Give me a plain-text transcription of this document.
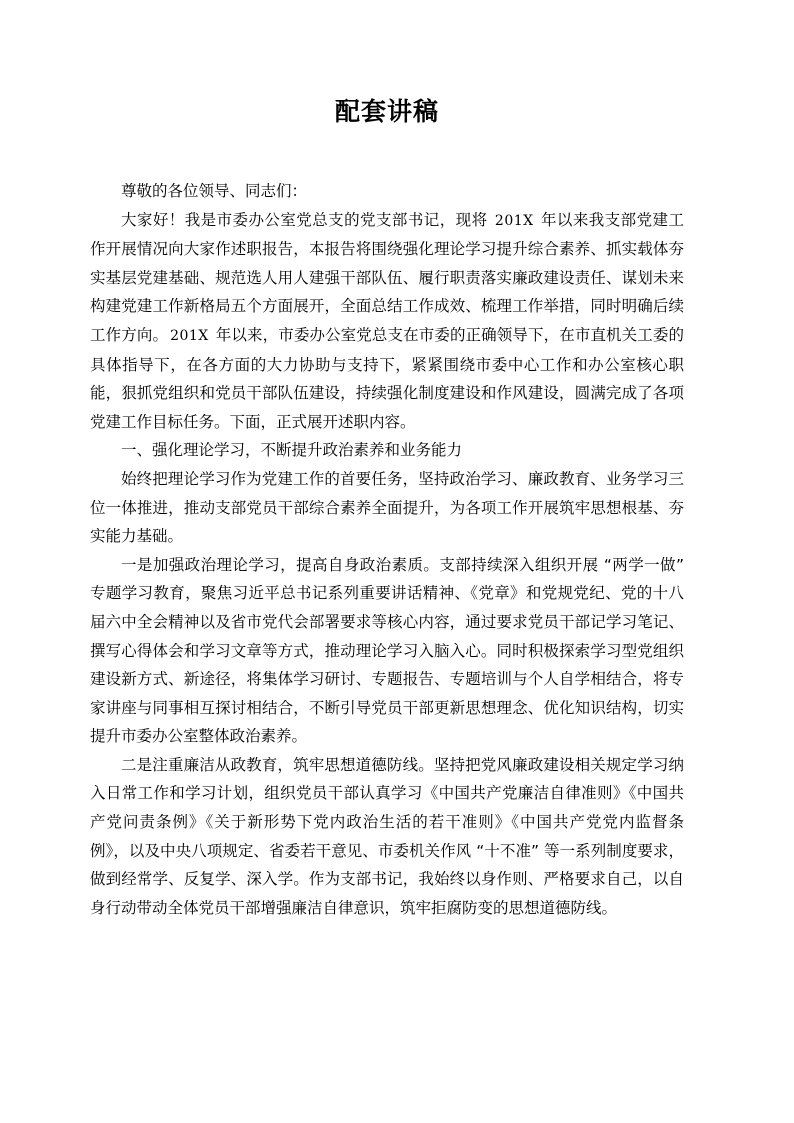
配套讲稿

尊敬的各位领导、同志们：

大家好！我是市委办公室党总支的党支部书记，现将 201X 年以来我支部党建工作开展情况向大家作述职报告，本报告将围绕强化理论学习提升综合素养、抓实载体夯实基层党建基础、规范选人用人建强干部队伍、履行职责落实廉政建设责任、谋划未来构建党建工作新格局五个方面展开，全面总结工作成效、梳理工作举措，同时明确后续工作方向。 201X 年以来，市委办公室党总支在市委的正确领导下，在市直机关工委的具体指导下，在各方面的大力协助与支持下，紧紧围绕市委中心工作和办公室核心职能，狠抓党组织和党员干部队伍建设，持续强化制度建设和作风建设，圆满完成了各项党建工作目标任务。下面，正式展开述职内容。

一、强化理论学习，不断提升政治素养和业务能力

始终把理论学习作为党建工作的首要任务，坚持政治学习、廉政教育、业务学习三位一体推进，推动支部党员干部综合素养全面提升，为各项工作开展筑牢思想根基、夯实能力基础。

一是加强政治理论学习，提高自身政治素质。支部持续深入组织开展 “两学一做” 专题学习教育，聚焦习近平总书记系列重要讲话精神、《党章》和党规党纪、党的十八届六中全会精神以及省市党代会部署要求等核心内容，通过要求党员干部记学习笔记、撰写心得体会和学习文章等方式，推动理论学习入脑入心。同时积极探索学习型党组织建设新方式、新途径，将集体学习研讨、专题报告、专题培训与个人自学相结合，将专家讲座与同事相互探讨相结合，不断引导党员干部更新思想理念、优化知识结构，切实提升市委办公室整体政治素养。

二是注重廉洁从政教育，筑牢思想道德防线。坚持把党风廉政建设相关规定学习纳入日常工作和学习计划，组织党员干部认真学习《中国共产党廉洁自律准则》《中国共产党问责条例》《关于新形势下党内政治生活的若干准则》《中国共产党党内监督条例》，以及中央八项规定、省委若干意见、市委机关作风 “十不准” 等一系列制度要求，做到经常学、反复学、深入学。作为支部书记，我始终以身作则、严格要求自己，以自身行动带动全体党员干部增强廉洁自律意识，筑牢拒腐防变的思想道德防线。
